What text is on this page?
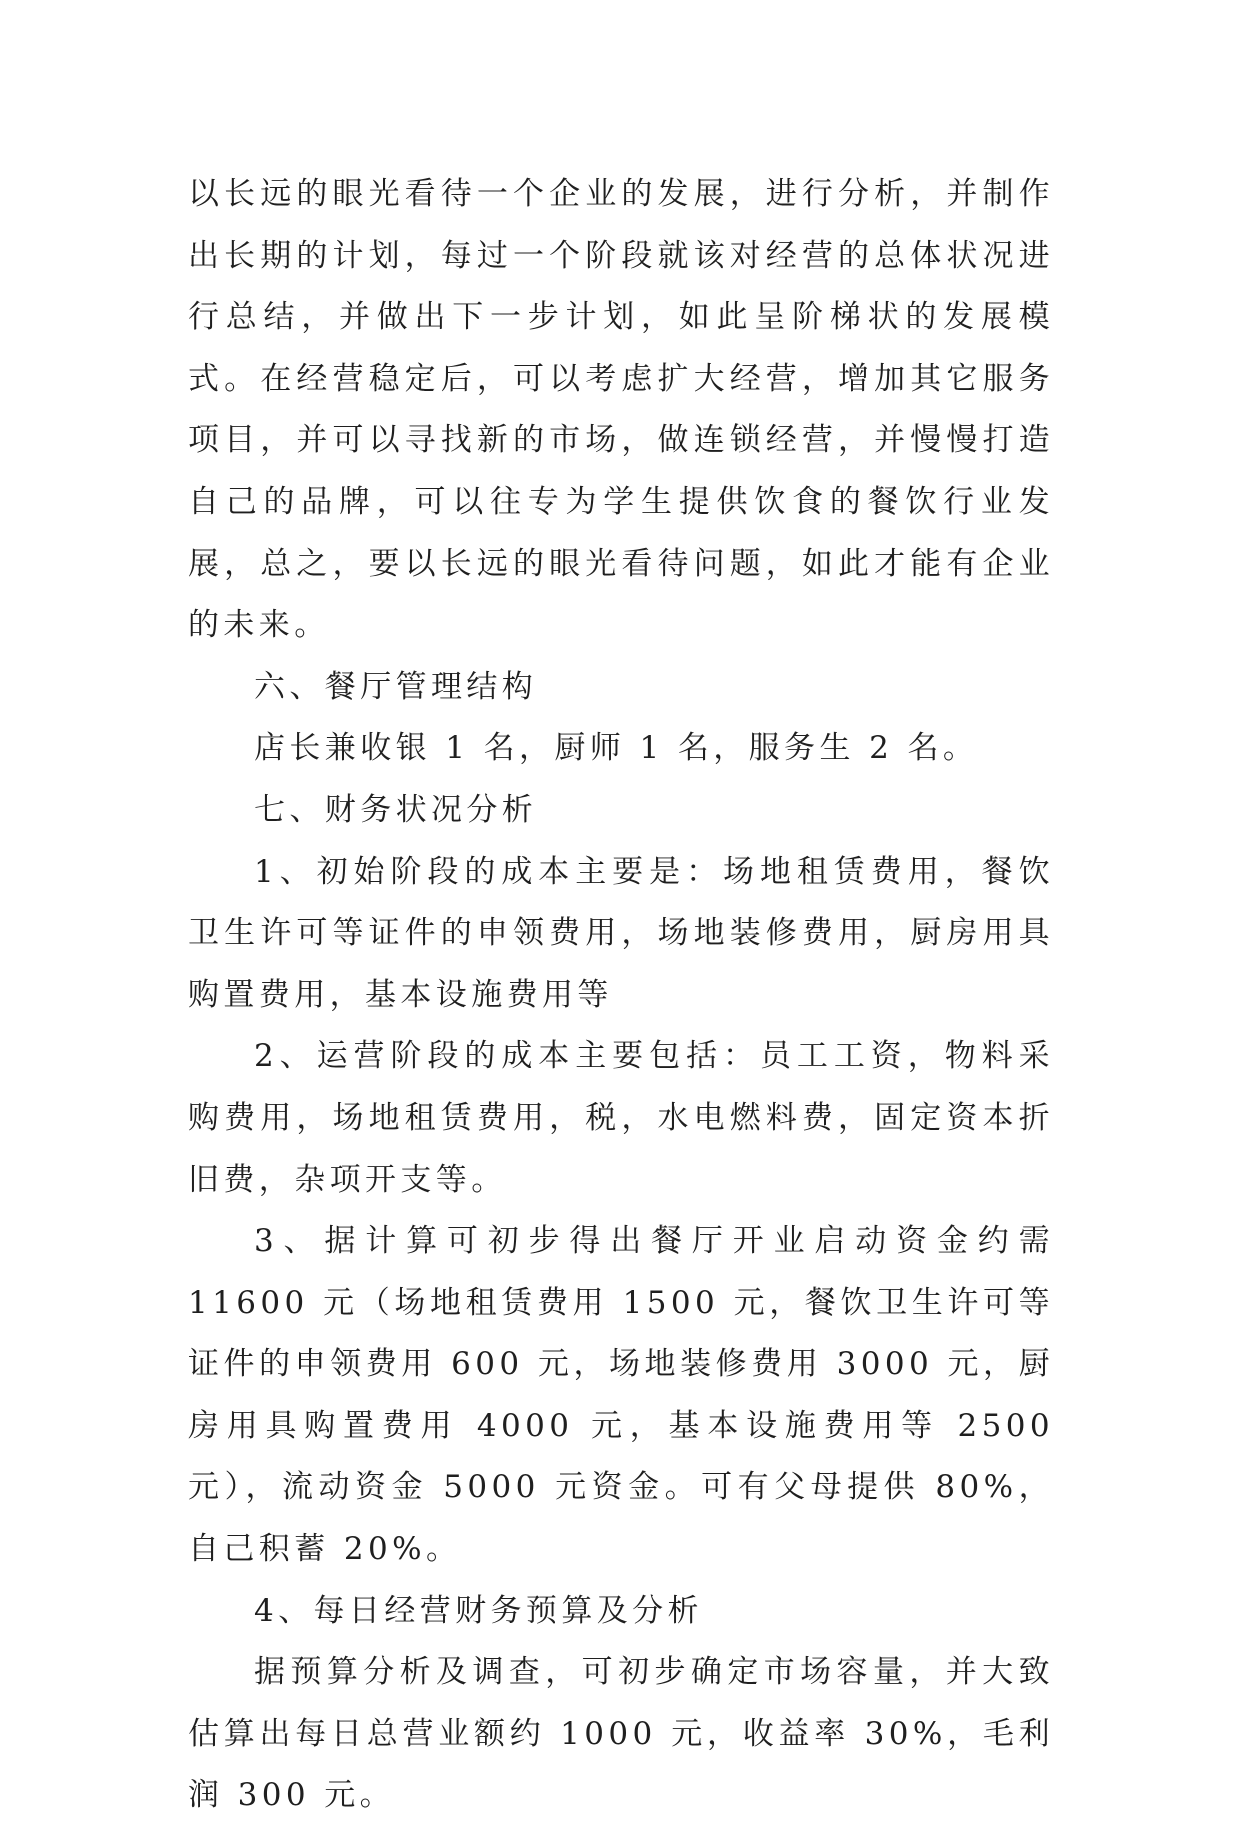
以长远的眼光看待一个企业的发展，进行分析，并制作出长期的计划，每过一个阶段就该对经营的总体状况进行总结，并做出下一步计划，如此呈阶梯状的发展模式。在经营稳定后，可以考虑扩大经营，增加其它服务项目，并可以寻找新的市场，做连锁经营，并慢慢打造自己的品牌，可以往专为学生提供饮食的餐饮行业发展，总之，要以长远的眼光看待问题，如此才能有企业的未来。

六、餐厅管理结构

店长兼收银 1 名，厨师 1 名，服务生 2 名。

七、财务状况分析

1、初始阶段的成本主要是：场地租赁费用，餐饮卫生许可等证件的申领费用，场地装修费用，厨房用具购置费用，基本设施费用等

2、运营阶段的成本主要包括：员工工资，物料采购费用，场地租赁费用，税，水电燃料费，固定资本折旧费，杂项开支等。

3、据计算可初步得出餐厅开业启动资金约需 11600 元（场地租赁费用 1500 元，餐饮卫生许可等证件的申领费用 600 元，场地装修费用 3000 元，厨房用具购置费用 4000 元，基本设施费用等 2500 元），流动资金 5000 元资金。可有父母提供 80%，自己积蓄 20%。

4、每日经营财务预算及分析

据预算分析及调查，可初步确定市场容量，并大致估算出每日总营业额约 1000 元，收益率 30%，毛利润 300 元。
